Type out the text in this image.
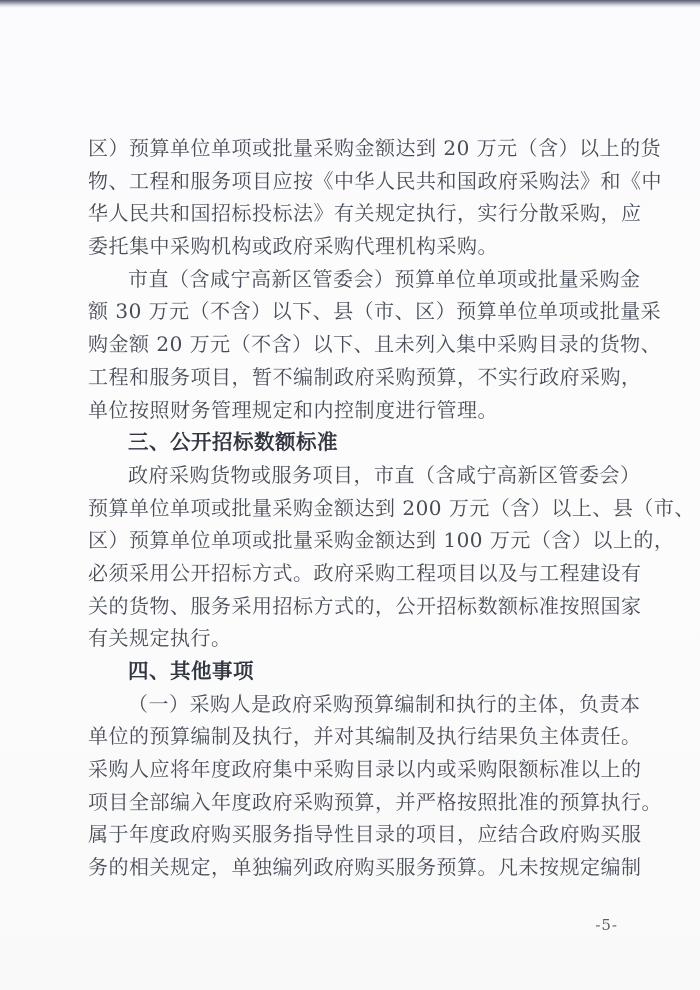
区）预算单位单项或批量采购金额达到 20 万元（含）以上的货
物、工程和服务项目应按《中华人民共和国政府采购法》和《中
华人民共和国招标投标法》有关规定执行，实行分散采购，应
委托集中采购机构或政府采购代理机构采购。
市直（含咸宁高新区管委会）预算单位单项或批量采购金
额 30 万元（不含）以下、县（市、区）预算单位单项或批量采
购金额 20 万元（不含）以下、且未列入集中采购目录的货物、
工程和服务项目，暂不编制政府采购预算，不实行政府采购，
单位按照财务管理规定和内控制度进行管理。
三、公开招标数额标准
政府采购货物或服务项目，市直（含咸宁高新区管委会）
预算单位单项或批量采购金额达到 200 万元（含）以上、县（市、
区）预算单位单项或批量采购金额达到 100 万元（含）以上的，
必须采用公开招标方式。政府采购工程项目以及与工程建设有
关的货物、服务采用招标方式的，公开招标数额标准按照国家
有关规定执行。
四、其他事项
（一）采购人是政府采购预算编制和执行的主体，负责本
单位的预算编制及执行，并对其编制及执行结果负主体责任。
采购人应将年度政府集中采购目录以内或采购限额标准以上的
项目全部编入年度政府采购预算，并严格按照批准的预算执行。
属于年度政府购买服务指导性目录的项目，应结合政府购买服
务的相关规定，单独编列政府购买服务预算。凡未按规定编制
-5-
